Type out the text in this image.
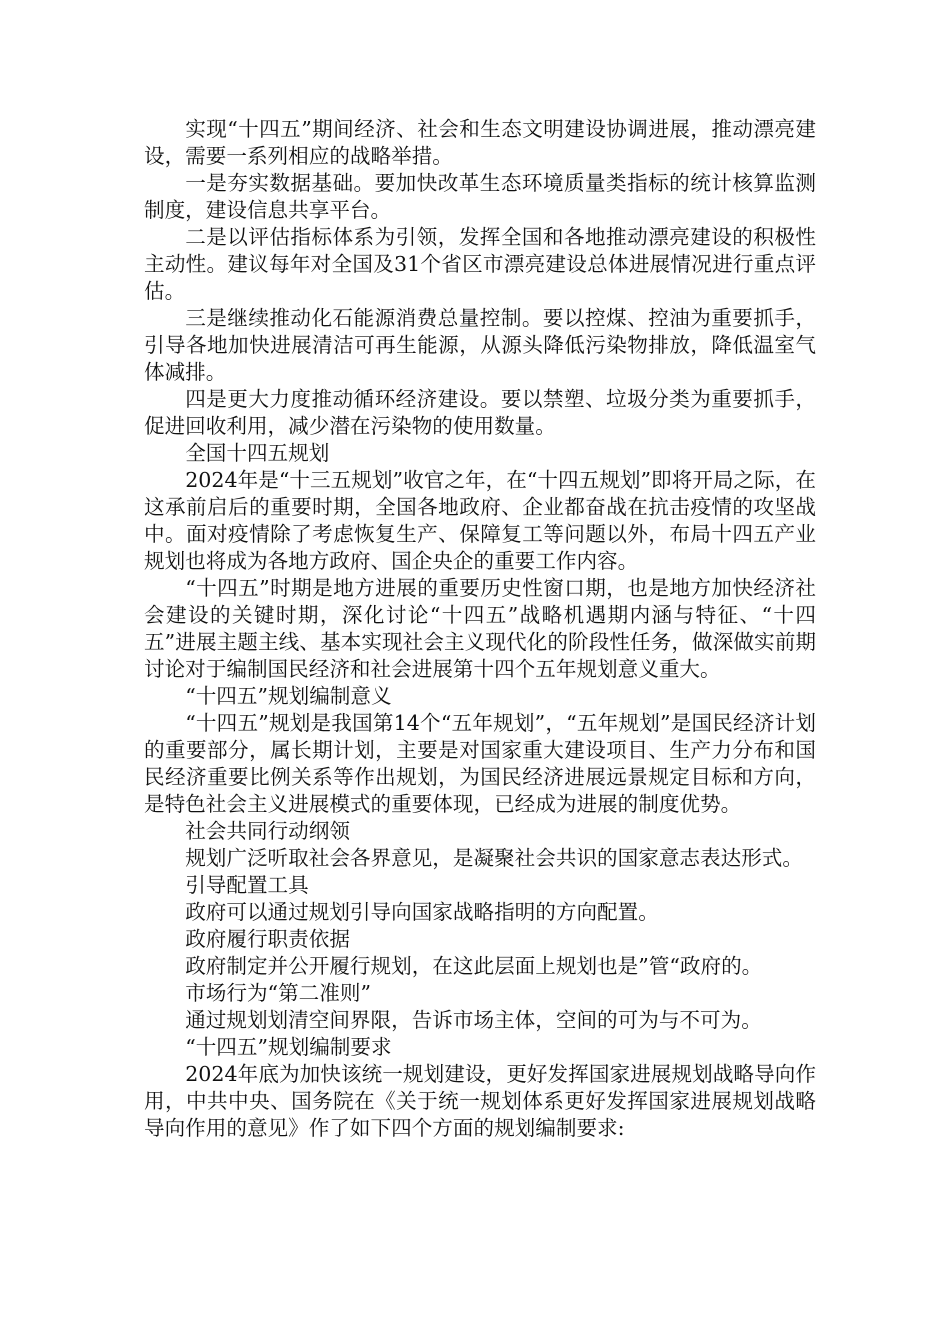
实现“十四五”期间经济、社会和生态文明建设协调进展，推动漂亮建设，需要一系列相应的战略举措。

一是夯实数据基础。要加快改革生态环境质量类指标的统计核算监测制度，建设信息共享平台。

二是以评估指标体系为引领，发挥全国和各地推动漂亮建设的积极性主动性。建议每年对全国及31个省区市漂亮建设总体进展情况进行重点评估。

三是继续推动化石能源消费总量控制。要以控煤、控油为重要抓手，引导各地加快进展清洁可再生能源，从源头降低污染物排放，降低温室气体减排。

四是更大力度推动循环经济建设。要以禁塑、垃圾分类为重要抓手，促进回收利用，减少潜在污染物的使用数量。

全国十四五规划

2024年是“十三五规划”收官之年，在“十四五规划”即将开局之际，在这承前启后的重要时期，全国各地政府、企业都奋战在抗击疫情的攻坚战中。面对疫情除了考虑恢复生产、保障复工等问题以外，布局十四五产业规划也将成为各地方政府、国企央企的重要工作内容。

“十四五”时期是地方进展的重要历史性窗口期，也是地方加快经济社会建设的关键时期，深化讨论“十四五”战略机遇期内涵与特征、“十四五”进展主题主线、基本实现社会主义现代化的阶段性任务，做深做实前期讨论对于编制国民经济和社会进展第十四个五年规划意义重大。

“十四五”规划编制意义

“十四五”规划是我国第14个“五年规划”，“五年规划”是国民经济计划的重要部分，属长期计划，主要是对国家重大建设项目、生产力分布和国民经济重要比例关系等作出规划，为国民经济进展远景规定目标和方向，是特色社会主义进展模式的重要体现，已经成为进展的制度优势。

社会共同行动纲领

规划广泛听取社会各界意见，是凝聚社会共识的国家意志表达形式。

引导配置工具

政府可以通过规划引导向国家战略指明的方向配置。

政府履行职责依据

政府制定并公开履行规划，在这此层面上规划也是”管“政府的。

市场行为“第二准则”

通过规划划清空间界限，告诉市场主体，空间的可为与不可为。

“十四五”规划编制要求

2024年底为加快该统一规划建设，更好发挥国家进展规划战略导向作用，中共中央、国务院在《关于统一规划体系更好发挥国家进展规划战略导向作用的意见》作了如下四个方面的规划编制要求:
